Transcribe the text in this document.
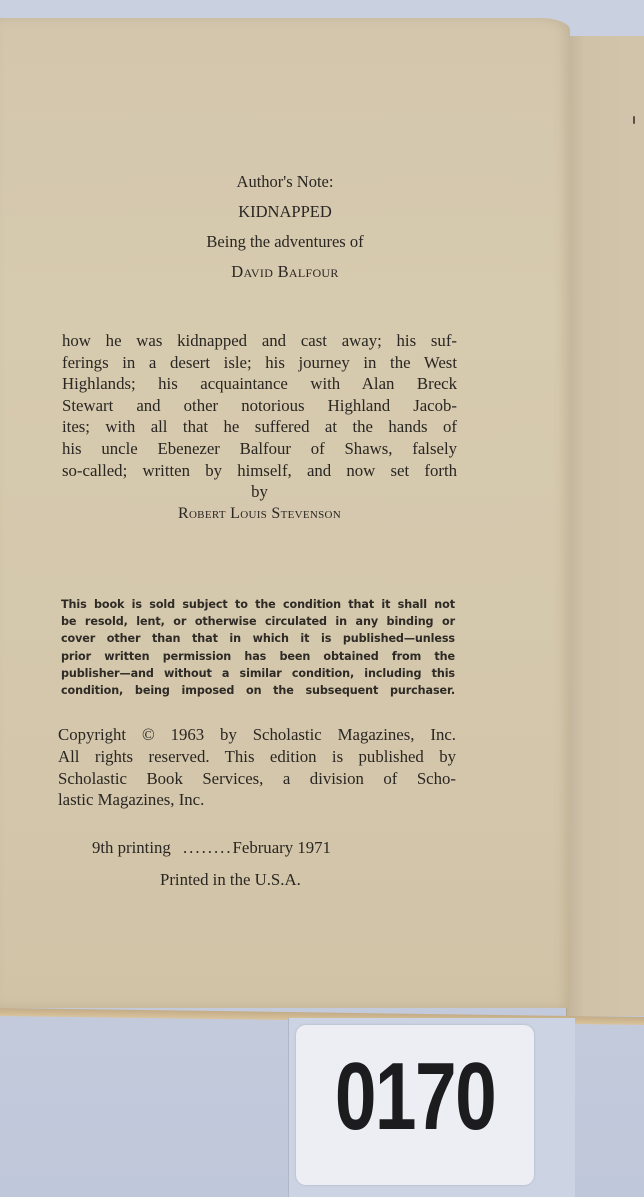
Author's Note:
KIDNAPPED
Being the adventures of
David Balfour
how he was kidnapped and cast away; his suf-
ferings in a desert isle; his journey in the West
Highlands; his acquaintance with Alan Breck
Stewart and other notorious Highland Jacob-
ites; with all that he suffered at the hands of
his uncle Ebenezer Balfour of Shaws, falsely
so-called; written by himself, and now set forth
by
Robert Louis Stevenson
This book is sold subject to the condition that it shall not
be resold, lent, or otherwise circulated in any binding or
cover other than that in which it is published—unless
prior written permission has been obtained from the
publisher—and without a similar condition, including this
condition, being imposed on the subsequent purchaser.
Copyright © 1963 by Scholastic Magazines, Inc.
All rights reserved. This edition is published by
Scholastic Book Services, a division of Scho-
lastic Magazines, Inc.
9th printing ........February 1971
Printed in the U.S.A.
0170
